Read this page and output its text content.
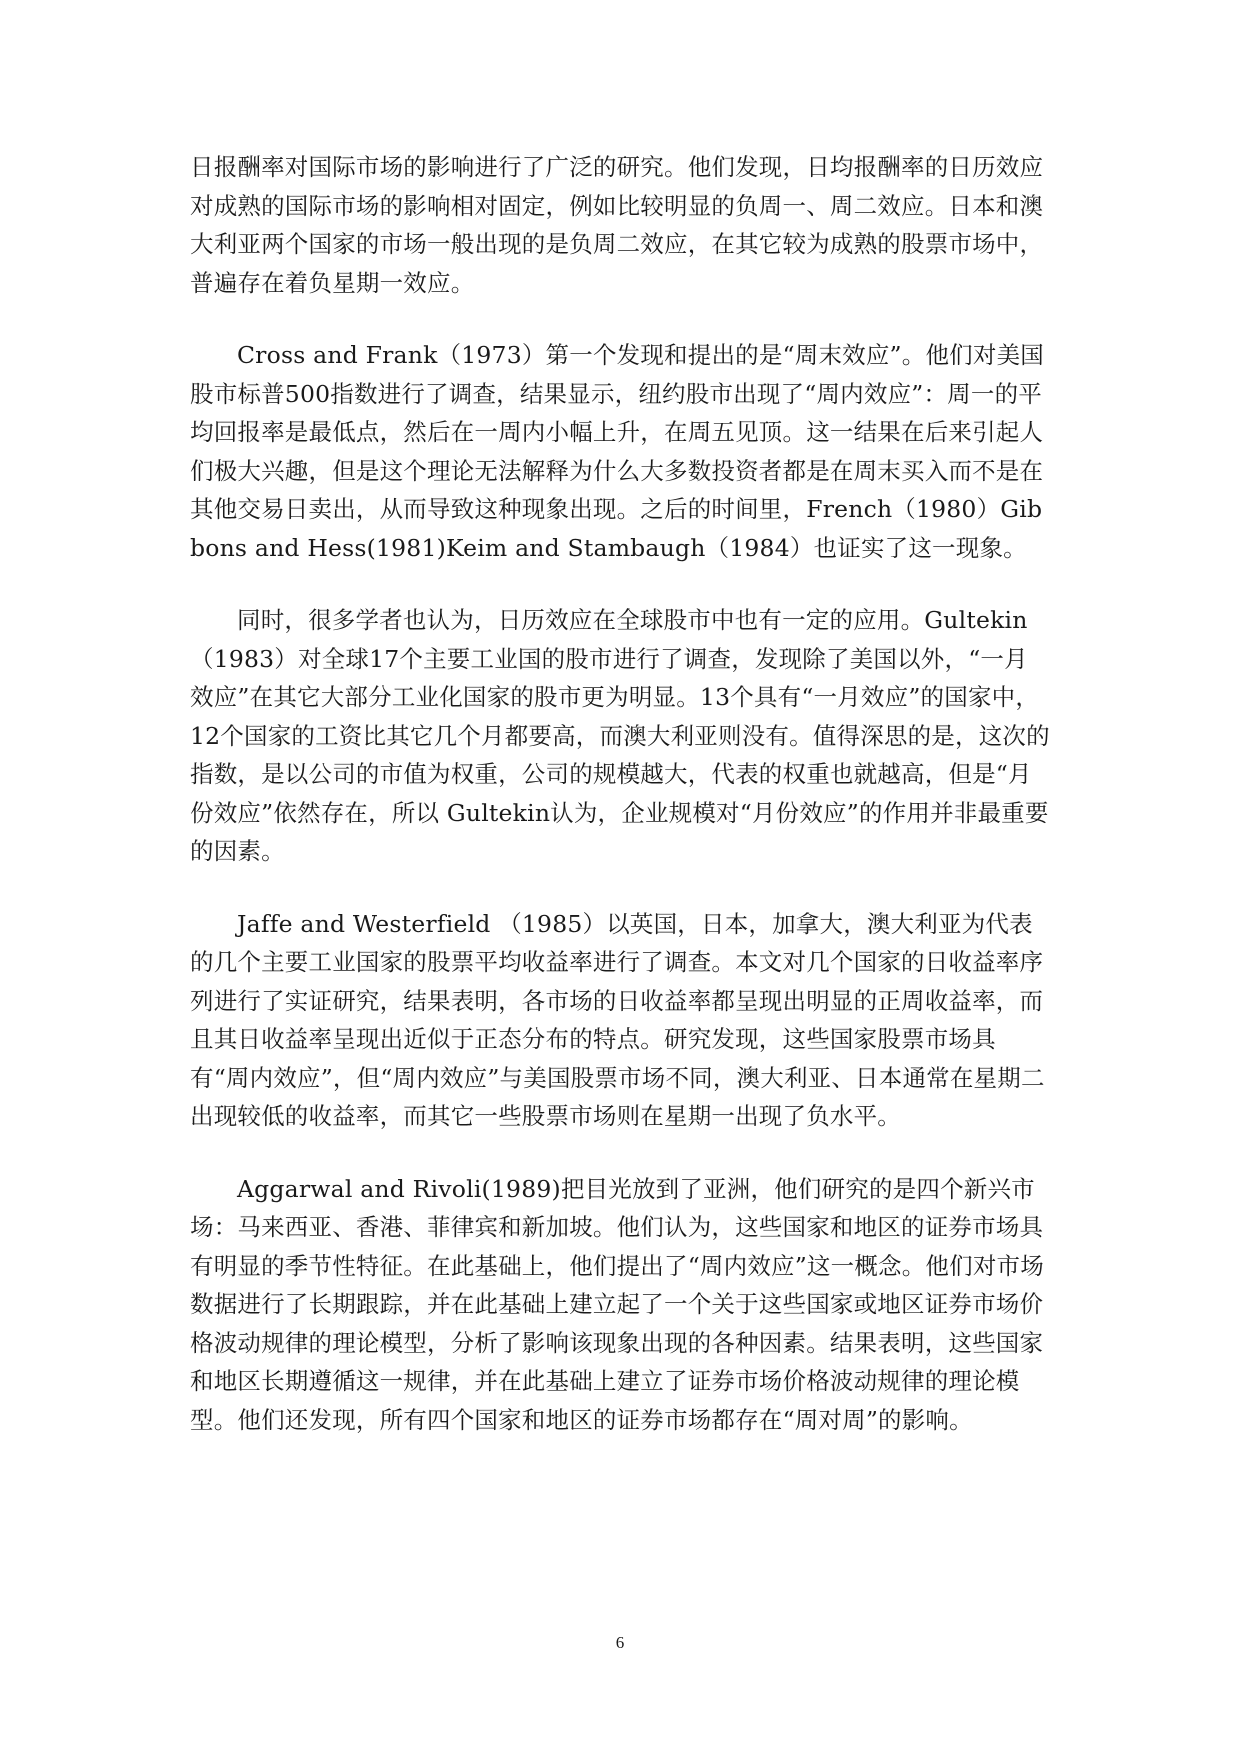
日报酬率对国际市场的影响进行了广泛的研究。他们发现，日均报酬率的日历效应对成熟的国际市场的影响相对固定，例如比较明显的负周一、周二效应。日本和澳大利亚两个国家的市场一般出现的是负周二效应，在其它较为成熟的股票市场中，普遍存在着负星期一效应。

Cross and Frank（1973）第一个发现和提出的是“周末效应”。他们对美国股市标普500指数进行了调查，结果显示，纽约股市出现了“周内效应”：周一的平均回报率是最低点，然后在一周内小幅上升，在周五见顶。这一结果在后来引起人们极大兴趣，但是这个理论无法解释为什么大多数投资者都是在周末买入而不是在其他交易日卖出，从而导致这种现象出现。之后的时间里，French（1980）Gibbons and Hess(1981)Keim and Stambaugh（1984）也证实了这一现象。

同时，很多学者也认为，日历效应在全球股市中也有一定的应用。Gultekin（1983）对全球17个主要工业国的股市进行了调查，发现除了美国以外，“一月效应”在其它大部分工业化国家的股市更为明显。13个具有“一月效应”的国家中，12个国家的工资比其它几个月都要高，而澳大利亚则没有。值得深思的是，这次的指数，是以公司的市值为权重，公司的规模越大，代表的权重也就越高，但是“月份效应”依然存在，所以 Gultekin认为，企业规模对“月份效应”的作用并非最重要的因素。

Jaffe and Westerfield （1985）以英国，日本，加拿大，澳大利亚为代表的几个主要工业国家的股票平均收益率进行了调查。本文对几个国家的日收益率序列进行了实证研究，结果表明，各市场的日收益率都呈现出明显的正周收益率，而且其日收益率呈现出近似于正态分布的特点。研究发现，这些国家股票市场具有“周内效应”，但“周内效应”与美国股票市场不同，澳大利亚、日本通常在星期二出现较低的收益率，而其它一些股票市场则在星期一出现了负水平。

Aggarwal and Rivoli(1989)把目光放到了亚洲，他们研究的是四个新兴市场：马来西亚、香港、菲律宾和新加坡。他们认为，这些国家和地区的证券市场具有明显的季节性特征。在此基础上，他们提出了“周内效应”这一概念。他们对市场数据进行了长期跟踪，并在此基础上建立起了一个关于这些国家或地区证券市场价格波动规律的理论模型，分析了影响该现象出现的各种因素。结果表明，这些国家和地区长期遵循这一规律，并在此基础上建立了证券市场价格波动规律的理论模型。他们还发现，所有四个国家和地区的证券市场都存在“周对周”的影响。

6
